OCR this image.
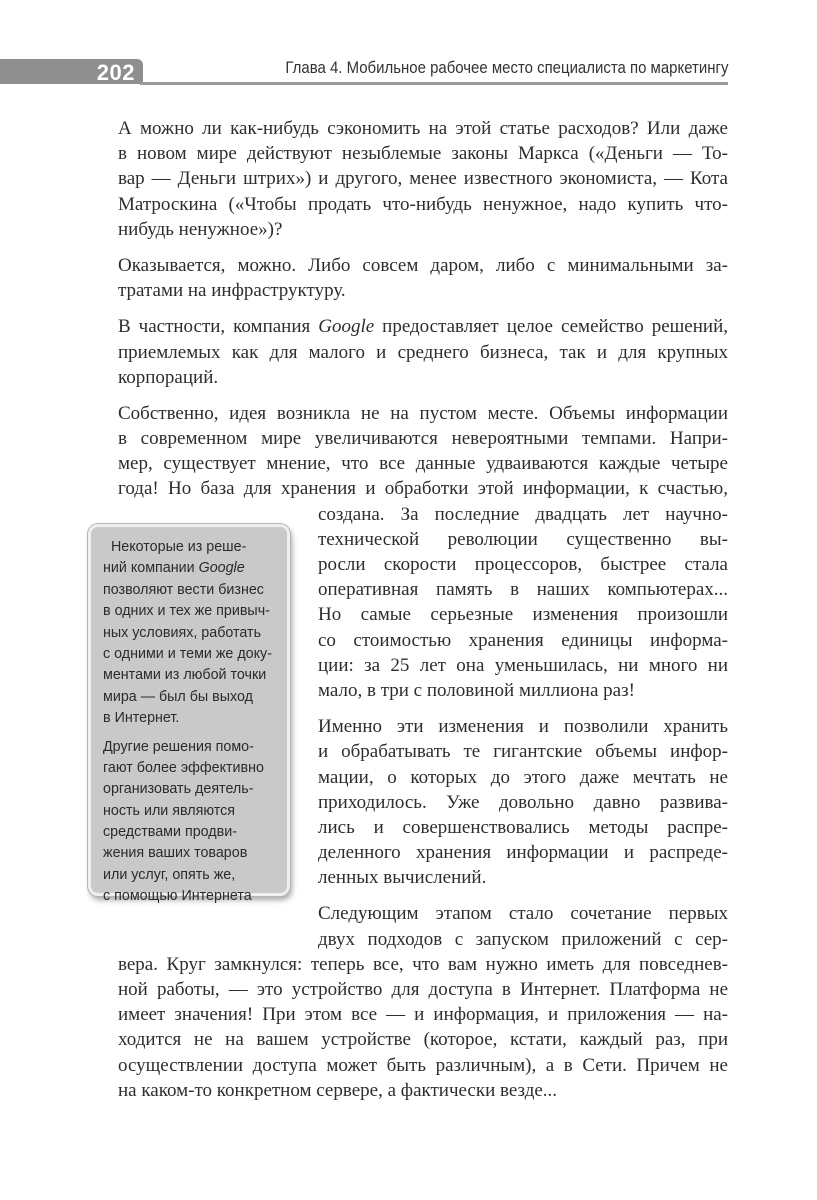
202	Глава 4. Мобильное рабочее место специалиста по маркетингу
А можно ли как-нибудь сэкономить на этой статье расходов? Или даже
в новом мире действуют незыблемые законы Маркса («Деньги — То-
вар — Деньги штрих») и другого, менее известного экономиста, — Кота
Матроскина («Чтобы продать что-нибудь ненужное, надо купить что-
нибудь ненужное»)?
Оказывается, можно. Либо совсем даром, либо с минимальными за-
тратами на инфраструктуру.
В частности, компания Google предоставляет целое семейство решений,
приемлемых как для малого и среднего бизнеса, так и для крупных
корпораций.
Собственно, идея возникла не на пустом месте. Объемы информации
в современном мире увеличиваются невероятными темпами. Напри-
мер, существует мнение, что все данные удваиваются каждые четыре
года! Но база для хранения и обработки этой информации, к счастью,
создана. За последние двадцать лет научно-
технической революции существенно вы-
росли скорости процессоров, быстрее стала
оперативная память в наших компьютерах...
Но самые серьезные изменения произошли
со стоимостью хранения единицы информа-
ции: за 25 лет она уменьшилась, ни много ни
мало, в три с половиной миллиона раз!
Именно эти изменения и позволили хранить
и обрабатывать те гигантские объемы инфор-
мации, о которых до этого даже мечтать не
приходилось. Уже довольно давно развива-
лись и совершенствовались методы распре-
деленного хранения информации и распреде-
ленных вычислений.
Следующим этапом стало сочетание первых
двух подходов с запуском приложений с сер-
вера. Круг замкнулся: теперь все, что вам нужно иметь для повседнев-
ной работы, — это устройство для доступа в Интернет. Платформа не
имеет значения! При этом все — и информация, и приложения — на-
ходится не на вашем устройстве (которое, кстати, каждый раз, при
осуществлении доступа может быть различным), а в Сети. Причем не
на каком-то конкретном сервере, а фактически везде...
Некоторые из реше-
ний компании Google
позволяют вести бизнес
в одних и тех же привыч-
ных условиях, работать
с одними и теми же доку-
ментами из любой точки
мира — был бы выход
в Интернет.
Другие решения помо-
гают более эффективно
организовать деятель-
ность или являются
средствами продви-
жения ваших товаров
или услуг, опять же,
с помощью Интернета
